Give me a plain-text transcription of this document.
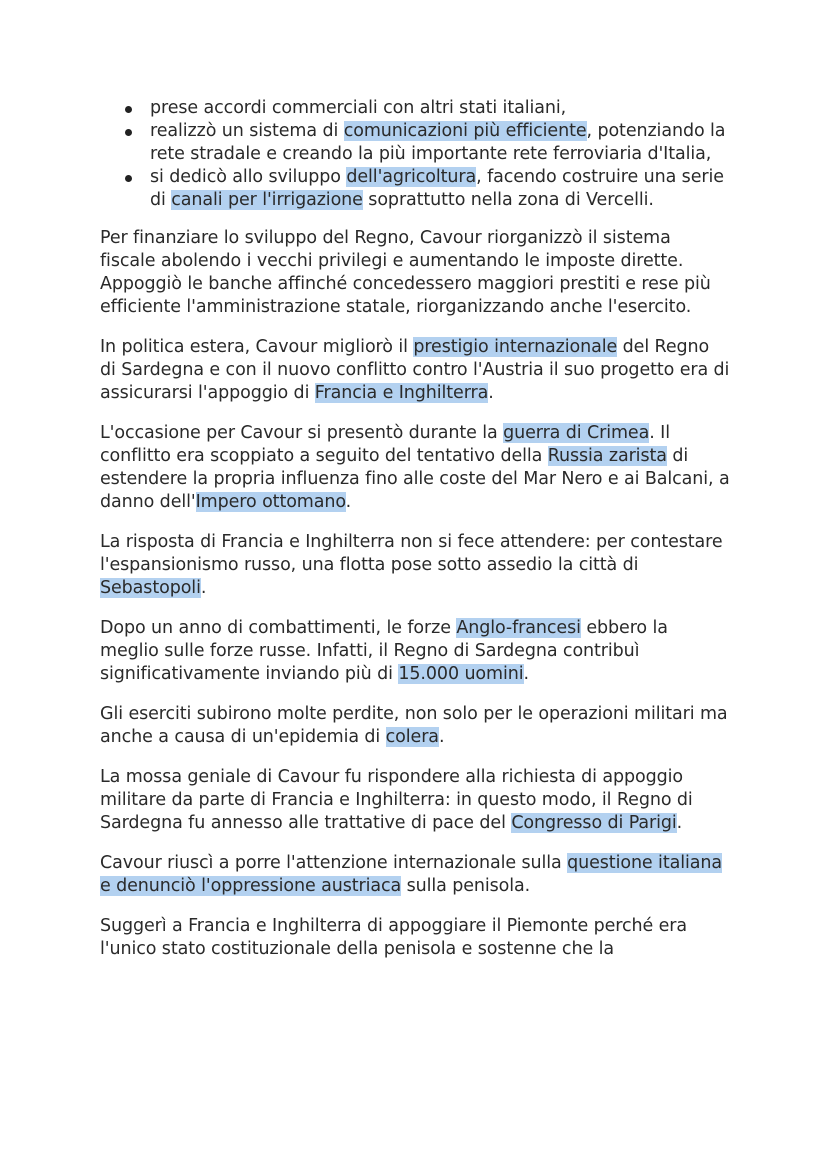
prese accordi commerciali con altri stati italiani,
realizzò un sistema di comunicazioni più efficiente, potenziando la rete stradale e creando la più importante rete ferroviaria d'Italia,
si dedicò allo sviluppo dell'agricoltura, facendo costruire una serie di canali per l'irrigazione soprattutto nella zona di Vercelli.

Per finanziare lo sviluppo del Regno, Cavour riorganizzò il sistema fiscale abolendo i vecchi privilegi e aumentando le imposte dirette. Appoggiò le banche affinché concedessero maggiori prestiti e rese più efficiente l'amministrazione statale, riorganizzando anche l'esercito.

In politica estera, Cavour migliorò il prestigio internazionale del Regno di Sardegna e con il nuovo conflitto contro l'Austria il suo progetto era di assicurarsi l'appoggio di Francia e Inghilterra.

L'occasione per Cavour si presentò durante la guerra di Crimea. Il conflitto era scoppiato a seguito del tentativo della Russia zarista di estendere la propria influenza fino alle coste del Mar Nero e ai Balcani, a danno dell'Impero ottomano.

La risposta di Francia e Inghilterra non si fece attendere: per contestare l'espansionismo russo, una flotta pose sotto assedio la città di Sebastopoli.

Dopo un anno di combattimenti, le forze Anglo-francesi ebbero la meglio sulle forze russe. Infatti, il Regno di Sardegna contribuì significativamente inviando più di 15.000 uomini.

Gli eserciti subirono molte perdite, non solo per le operazioni militari ma anche a causa di un'epidemia di colera.

La mossa geniale di Cavour fu rispondere alla richiesta di appoggio militare da parte di Francia e Inghilterra: in questo modo, il Regno di Sardegna fu annesso alle trattative di pace del Congresso di Parigi.

Cavour riuscì a porre l'attenzione internazionale sulla questione italiana e denunciò l'oppressione austriaca sulla penisola.

Suggerì a Francia e Inghilterra di appoggiare il Piemonte perché era l'unico stato costituzionale della penisola e sostenne che la
